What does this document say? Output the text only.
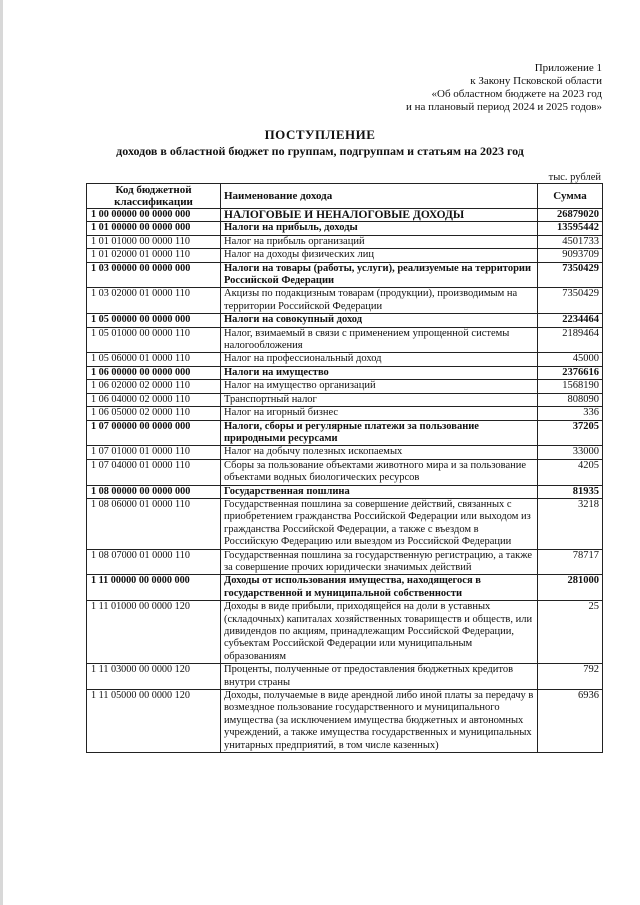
Приложение 1
к Закону Псковской области
«Об областном бюджете на 2023 год
и на плановый период 2024 и 2025 годов»
ПОСТУПЛЕНИЕ
доходов в областной бюджет по группам, подгруппам и статьям на 2023 год
тыс. рублей
Код бюджетной классификации	Наименование дохода	Сумма
1 00 00000 00 0000 000	НАЛОГОВЫЕ И НЕНАЛОГОВЫЕ ДОХОДЫ	26879020
1 01 00000 00 0000 000	Налоги на прибыль, доходы	13595442
1 01 01000 00 0000 110	Налог на прибыль организаций	4501733
1 01 02000 01 0000 110	Налог на доходы физических лиц	9093709
1 03 00000 00 0000 000	Налоги на товары (работы, услуги), реализуемые на территории Российской Федерации	7350429
1 03 02000 01 0000 110	Акцизы по подакцизным товарам (продукции), производимым на территории Российской Федерации	7350429
1 05 00000 00 0000 000	Налоги на совокупный доход	2234464
1 05 01000 00 0000 110	Налог, взимаемый в связи с применением упрощенной системы налогообложения	2189464
1 05 06000 01 0000 110	Налог на профессиональный доход	45000
1 06 00000 00 0000 000	Налоги на имущество	2376616
1 06 02000 02 0000 110	Налог на имущество организаций	1568190
1 06 04000 02 0000 110	Транспортный налог	808090
1 06 05000 02 0000 110	Налог на игорный бизнес	336
1 07 00000 00 0000 000	Налоги, сборы и регулярные платежи за пользование природными ресурсами	37205
1 07 01000 01 0000 110	Налог на добычу полезных ископаемых	33000
1 07 04000 01 0000 110	Сборы за пользование объектами животного мира и за пользование объектами водных биологических ресурсов	4205
1 08 00000 00 0000 000	Государственная пошлина	81935
1 08 06000 01 0000 110	Государственная пошлина за совершение действий, связанных с приобретением гражданства Российской Федерации или выходом из гражданства Российской Федерации, а также с въездом в Российскую Федерацию или выездом из Российской Федерации	3218
1 08 07000 01 0000 110	Государственная пошлина за государственную регистрацию, а также за совершение прочих юридически значимых действий	78717
1 11 00000 00 0000 000	Доходы от использования имущества, находящегося в государственной и муниципальной собственности	281000
1 11 01000 00 0000 120	Доходы в виде прибыли, приходящейся на доли в уставных (складочных) капиталах хозяйственных товариществ и обществ, или дивидендов по акциям, принадлежащим Российской Федерации, субъектам Российской Федерации или муниципальным образованиям	25
1 11 03000 00 0000 120	Проценты, полученные от предоставления бюджетных кредитов внутри страны	792
1 11 05000 00 0000 120	Доходы, получаемые в виде арендной либо иной платы за передачу в возмездное пользование государственного и муниципального имущества (за исключением имущества бюджетных и автономных учреждений, а также имущества государственных и муниципальных унитарных предприятий, в том числе казенных)	6936
